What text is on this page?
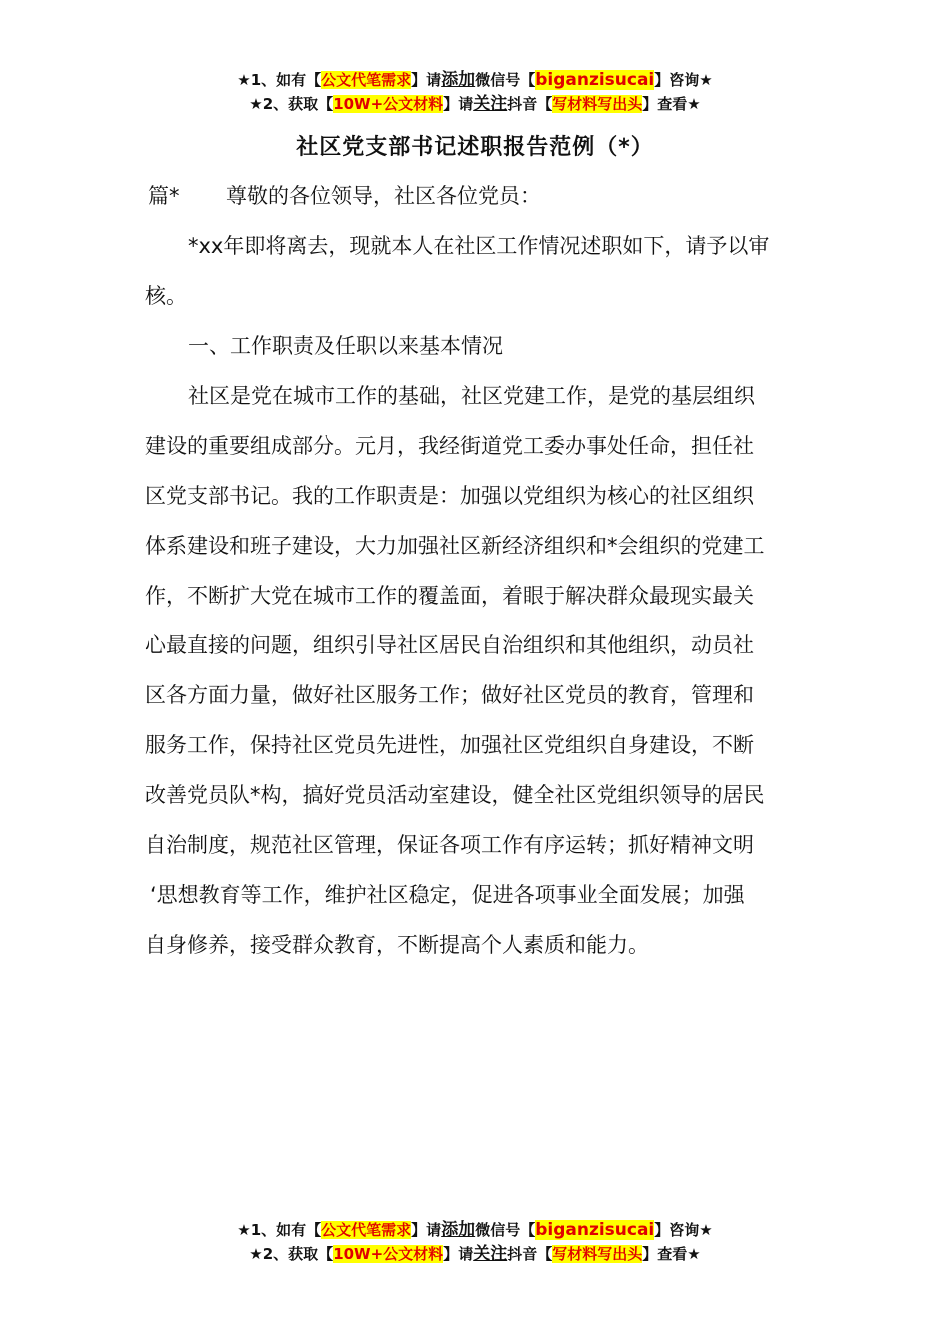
★1、如有【公文代笔需求】请添加微信号【biganzisucai】咨询★
★2、获取【10W+公文材料】请关注抖音【写材料写出头】查看★
社区党支部书记述职报告范例（*）
篇* 尊敬的各位领导，社区各位党员：
*xx年即将离去，现就本人在社区工作情况述职如下，请予以审
核。
一、工作职责及任职以来基本情况
社区是党在城市工作的基础，社区党建工作，是党的基层组织
建设的重要组成部分。元月，我经街道党工委办事处任命，担任社
区党支部书记。我的工作职责是：加强以党组织为核心的社区组织
体系建设和班子建设，大力加强社区新经济组织和*会组织的党建工
作，不断扩大党在城市工作的覆盖面，着眼于解决群众最现实最关
心最直接的问题，组织引导社区居民自治组织和其他组织，动员社
区各方面力量，做好社区服务工作；做好社区党员的教育，管理和
服务工作，保持社区党员先进性，加强社区党组织自身建设，不断
改善党员队*构，搞好党员活动室建设，健全社区党组织领导的居民
自治制度，规范社区管理，保证各项工作有序运转；抓好精神文明
‘思想教育等工作，维护社区稳定，促进各项事业全面发展；加强
自身修养，接受群众教育，不断提高个人素质和能力。
★1、如有【公文代笔需求】请添加微信号【biganzisucai】咨询★
★2、获取【10W+公文材料】请关注抖音【写材料写出头】查看★
